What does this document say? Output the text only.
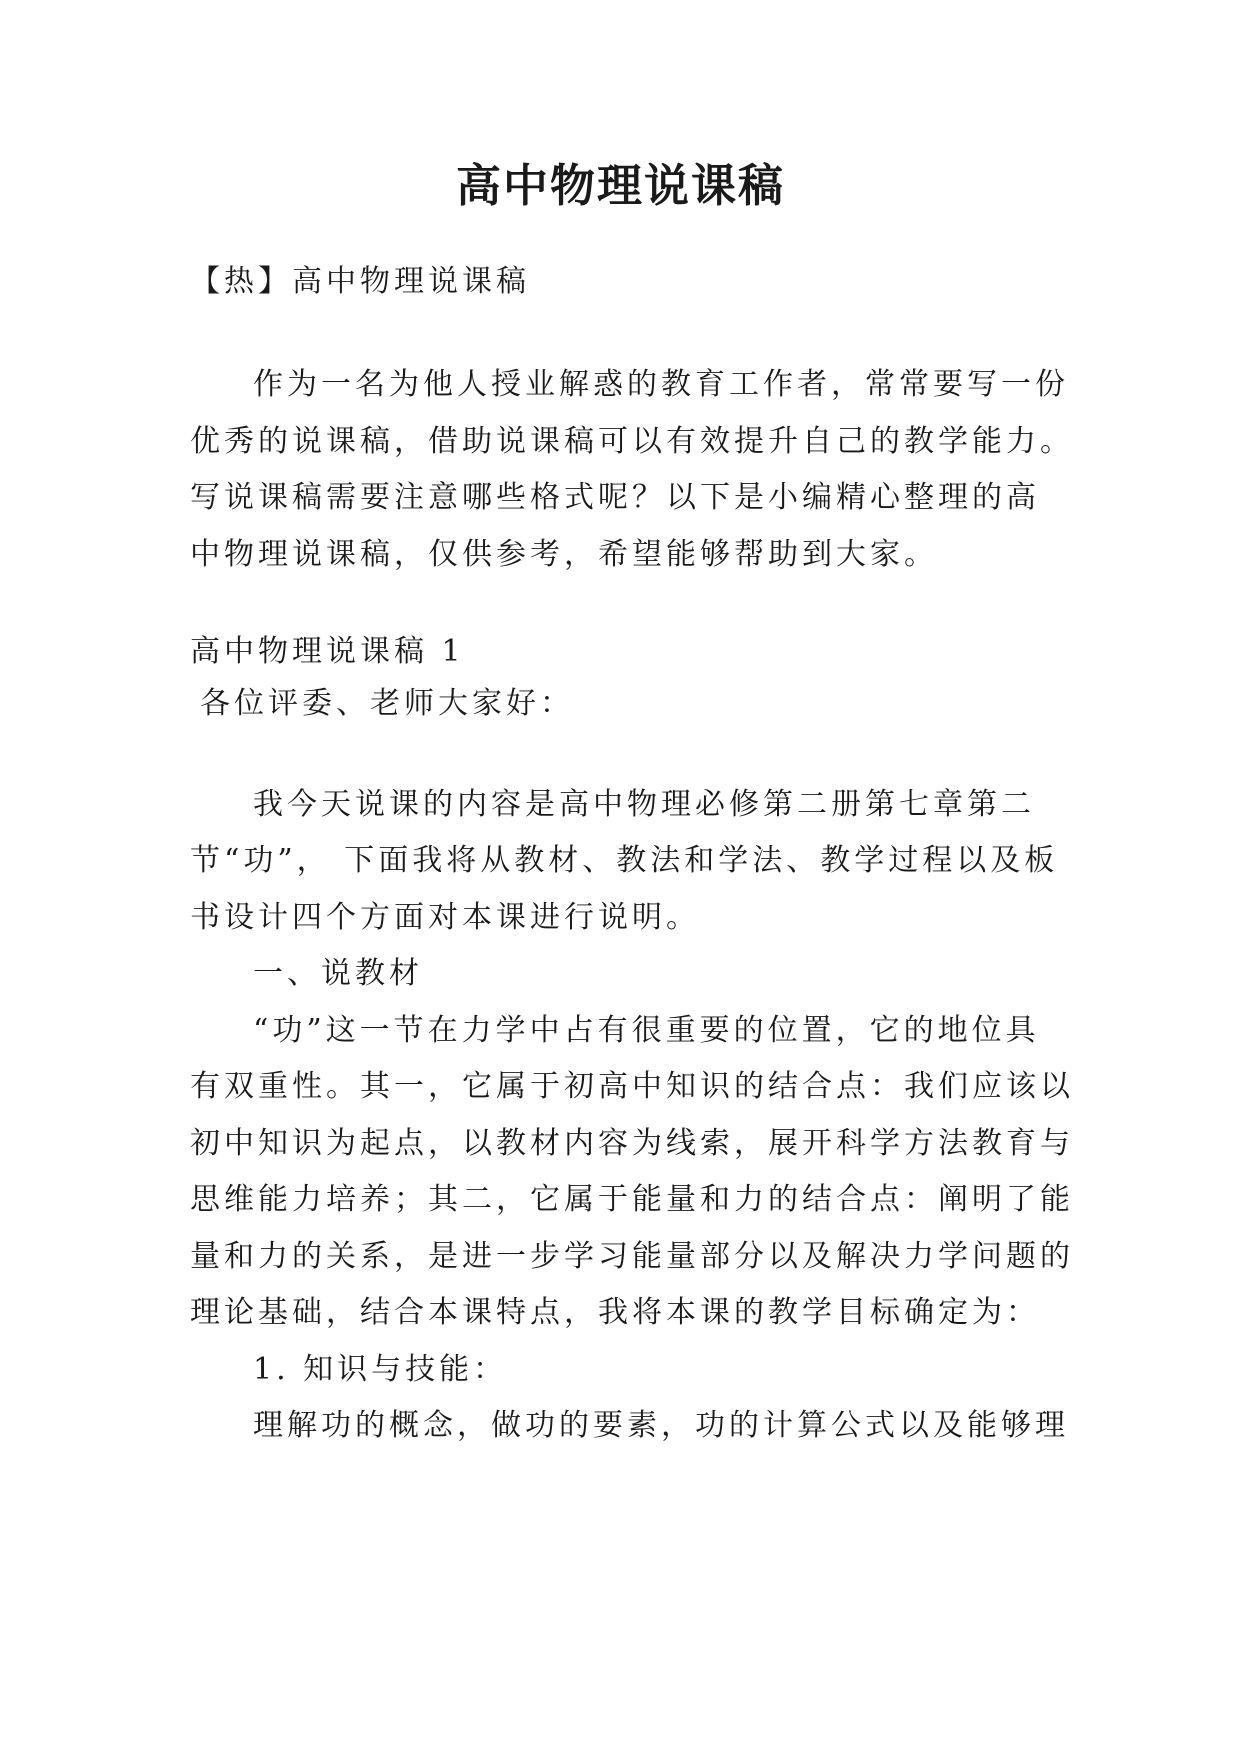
高中物理说课稿
【热】高中物理说课稿
作为一名为他人授业解惑的教育工作者，常常要写一份
优秀的说课稿，借助说课稿可以有效提升自己的教学能力。
写说课稿需要注意哪些格式呢？以下是小编精心整理的高
中物理说课稿，仅供参考，希望能够帮助到大家。
高中物理说课稿 1
各位评委、老师大家好：
我今天说课的内容是高中物理必修第二册第七章第二
节“功”， 下面我将从教材、教法和学法、教学过程以及板
书设计四个方面对本课进行说明。
一、说教材
“功”这一节在力学中占有很重要的位置，它的地位具
有双重性。其一，它属于初高中知识的结合点：我们应该以
初中知识为起点，以教材内容为线索，展开科学方法教育与
思维能力培养；其二，它属于能量和力的结合点：阐明了能
量和力的关系，是进一步学习能量部分以及解决力学问题的
理论基础，结合本课特点，我将本课的教学目标确定为：
1. 知识与技能：
理解功的概念，做功的要素，功的计算公式以及能够理
